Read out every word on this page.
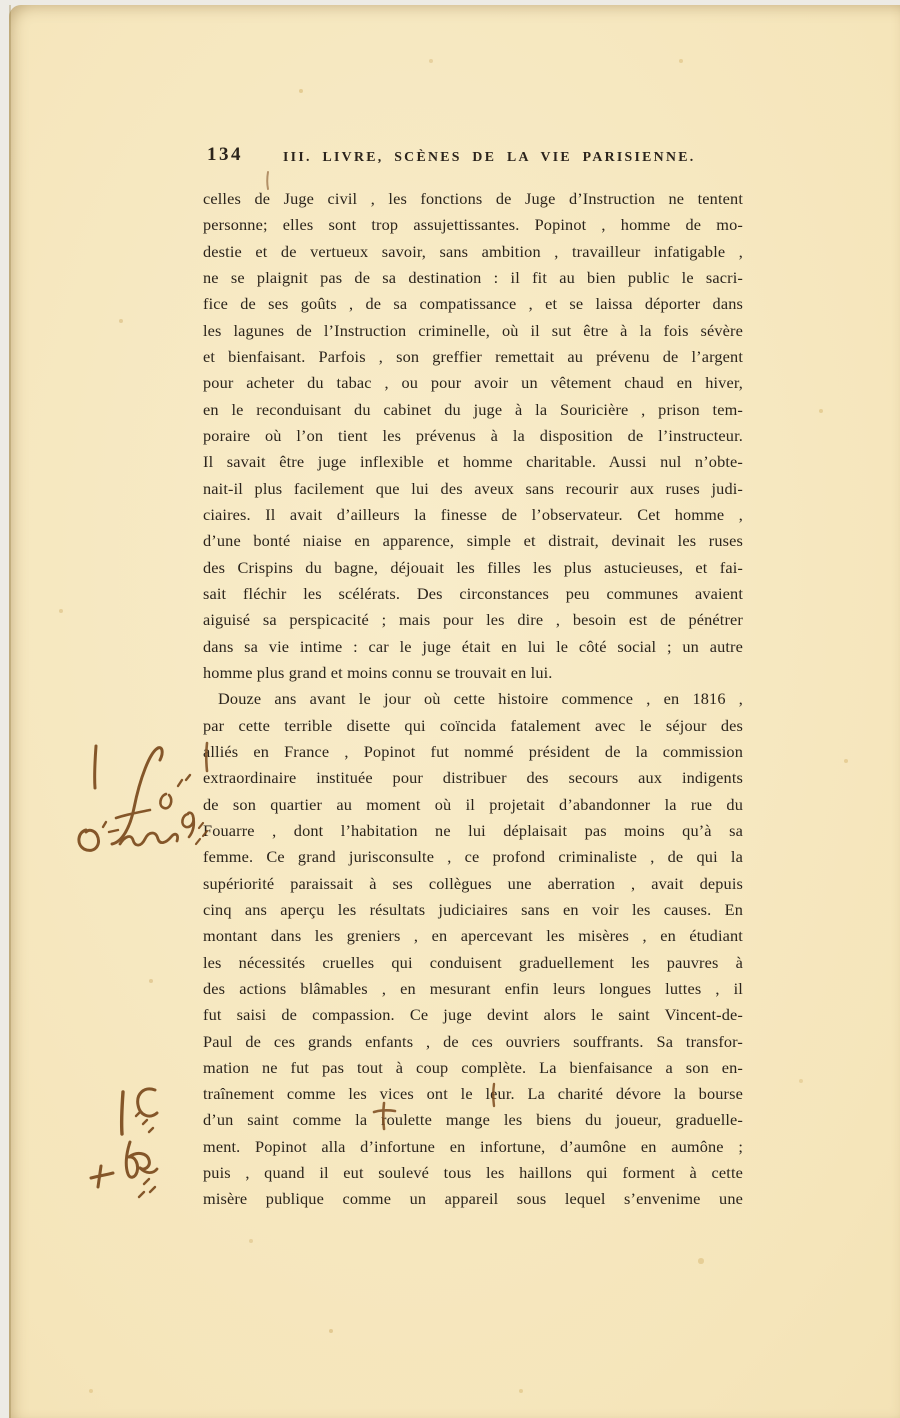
134	III. LIVRE, SCÈNES DE LA VIE PARISIENNE.
celles de Juge civil , les fonctions de Juge d’Instruction ne tentent
personne; elles sont trop assujettissantes. Popinot , homme de mo-
destie et de vertueux savoir, sans ambition , travailleur infatigable ,
ne se plaignit pas de sa destination : il fit au bien public le sacri-
fice de ses goûts , de sa compatissance , et se laissa déporter dans
les lagunes de l’Instruction criminelle, où il sut être à la fois sévère
et bienfaisant. Parfois , son greffier remettait au prévenu de l’argent
pour acheter du tabac , ou pour avoir un vêtement chaud en hiver,
en le reconduisant du cabinet du juge à la Souricière , prison tem-
poraire où l’on tient les prévenus à la disposition de l’instructeur.
Il savait être juge inflexible et homme charitable. Aussi nul n’obte-
nait-il plus facilement que lui des aveux sans recourir aux ruses judi-
ciaires. Il avait d’ailleurs la finesse de l’observateur. Cet homme ,
d’une bonté niaise en apparence, simple et distrait, devinait les ruses
des Crispins du bagne, déjouait les filles les plus astucieuses, et fai-
sait fléchir les scélérats. Des circonstances peu communes avaient
aiguisé sa perspicacité ; mais pour les dire , besoin est de pénétrer
dans sa vie intime : car le juge était en lui le côté social ; un autre
homme plus grand et moins connu se trouvait en lui.
Douze ans avant le jour où cette histoire commence , en 1816 ,
par cette terrible disette qui coïncida fatalement avec le séjour des
alliés en France , Popinot fut nommé président de la commission
extraordinaire instituée pour distribuer des secours aux indigents
de son quartier au moment où il projetait d’abandonner la rue du
Fouarre , dont l’habitation ne lui déplaisait pas moins qu’à sa
femme. Ce grand jurisconsulte , ce profond criminaliste , de qui la
supériorité paraissait à ses collègues une aberration , avait depuis
cinq ans aperçu les résultats judiciaires sans en voir les causes. En
montant dans les greniers , en apercevant les misères , en étudiant
les nécessités cruelles qui conduisent graduellement les pauvres à
des actions blâmables , en mesurant enfin leurs longues luttes , il
fut saisi de compassion. Ce juge devint alors le saint Vincent-de-
Paul de ces grands enfants , de ces ouvriers souffrants. Sa transfor-
mation ne fut pas tout à coup complète. La bienfaisance a son en-
traînement comme les vices ont le leur. La charité dévore la bourse
d’un saint comme la roulette mange les biens du joueur, graduelle-
ment. Popinot alla d’infortune en infortune, d’aumône en aumône ;
puis , quand il eut soulevé tous les haillons qui forment à cette
misère publique comme un appareil sous lequel s’envenime une
